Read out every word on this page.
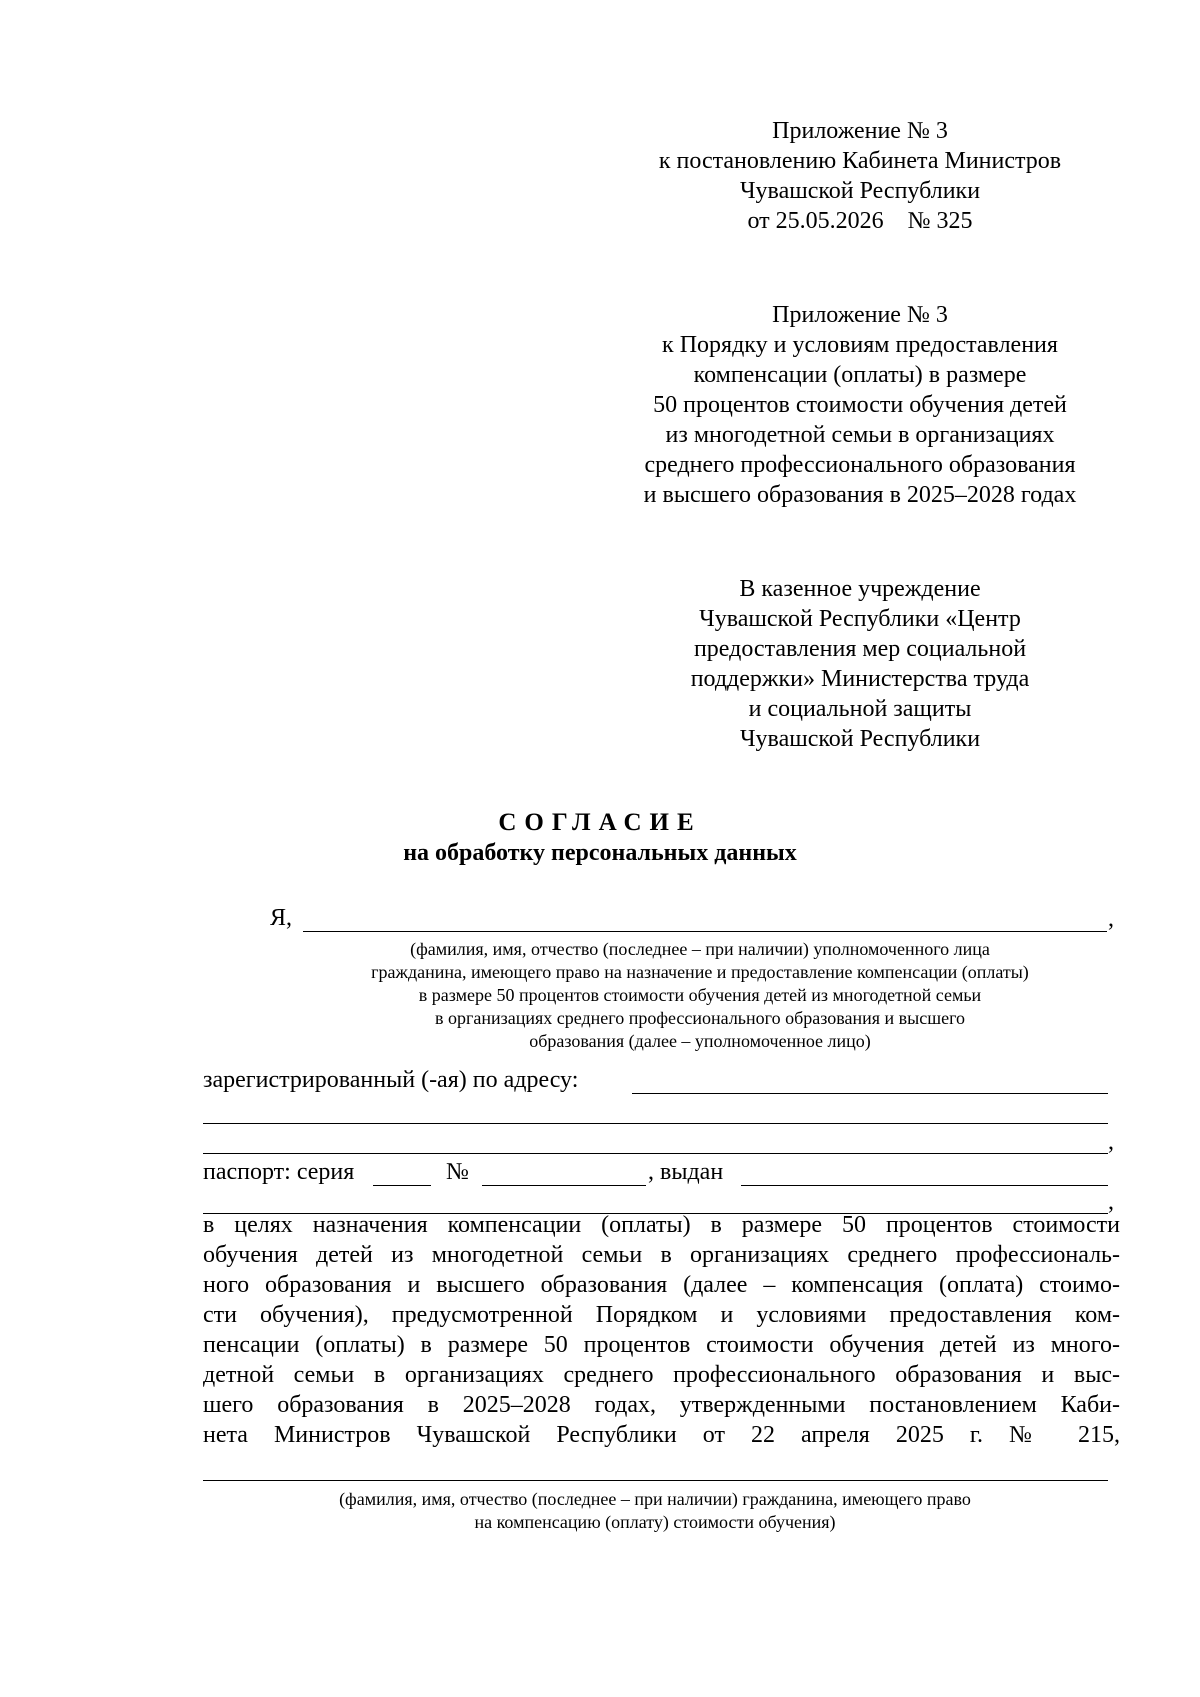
Приложение № 3
к постановлению Кабинета Министров
Чувашской Республики
от 25.05.2026    № 325
Приложение № 3
к Порядку и условиям предоставления
компенсации (оплаты) в размере
50 процентов стоимости обучения детей
из многодетной семьи в организациях
среднего профессионального образования
и высшего образования в 2025–2028 годах
В казенное учреждение
Чувашской Республики «Центр
предоставления мер социальной
поддержки» Министерства труда
и социальной защиты
Чувашской Республики
СОГЛАСИЕ
на обработку персональных данных
Я,	,
(фамилия, имя, отчество (последнее – при наличии) уполномоченного лица
гражданина, имеющего право на назначение и предоставление компенсации (оплаты)
в размере 50 процентов стоимости обучения детей из многодетной семьи
в организациях среднего профессионального образования и высшего
образования (далее – уполномоченное лицо)
зарегистрированный (-ая) по адресу:
,
паспорт: серия	№	, выдан
,
в целях назначения компенсации (оплаты) в размере 50 процентов стоимости
обучения детей из многодетной семьи в организациях среднего профессиональ-
ного образования и высшего образования (далее – компенсация (оплата) стоимо-
сти обучения), предусмотренной Порядком и условиями предоставления ком-
пенсации (оплаты) в размере 50 процентов стоимости обучения детей из много-
детной семьи в организациях среднего профессионального образования и выс-
шего образования в 2025–2028 годах, утвержденными постановлением Каби-
нета Министров Чувашской Республики от 22 апреля 2025 г. № 215,
(фамилия, имя, отчество (последнее – при наличии) гражданина, имеющего право
на компенсацию (оплату) стоимости обучения)
